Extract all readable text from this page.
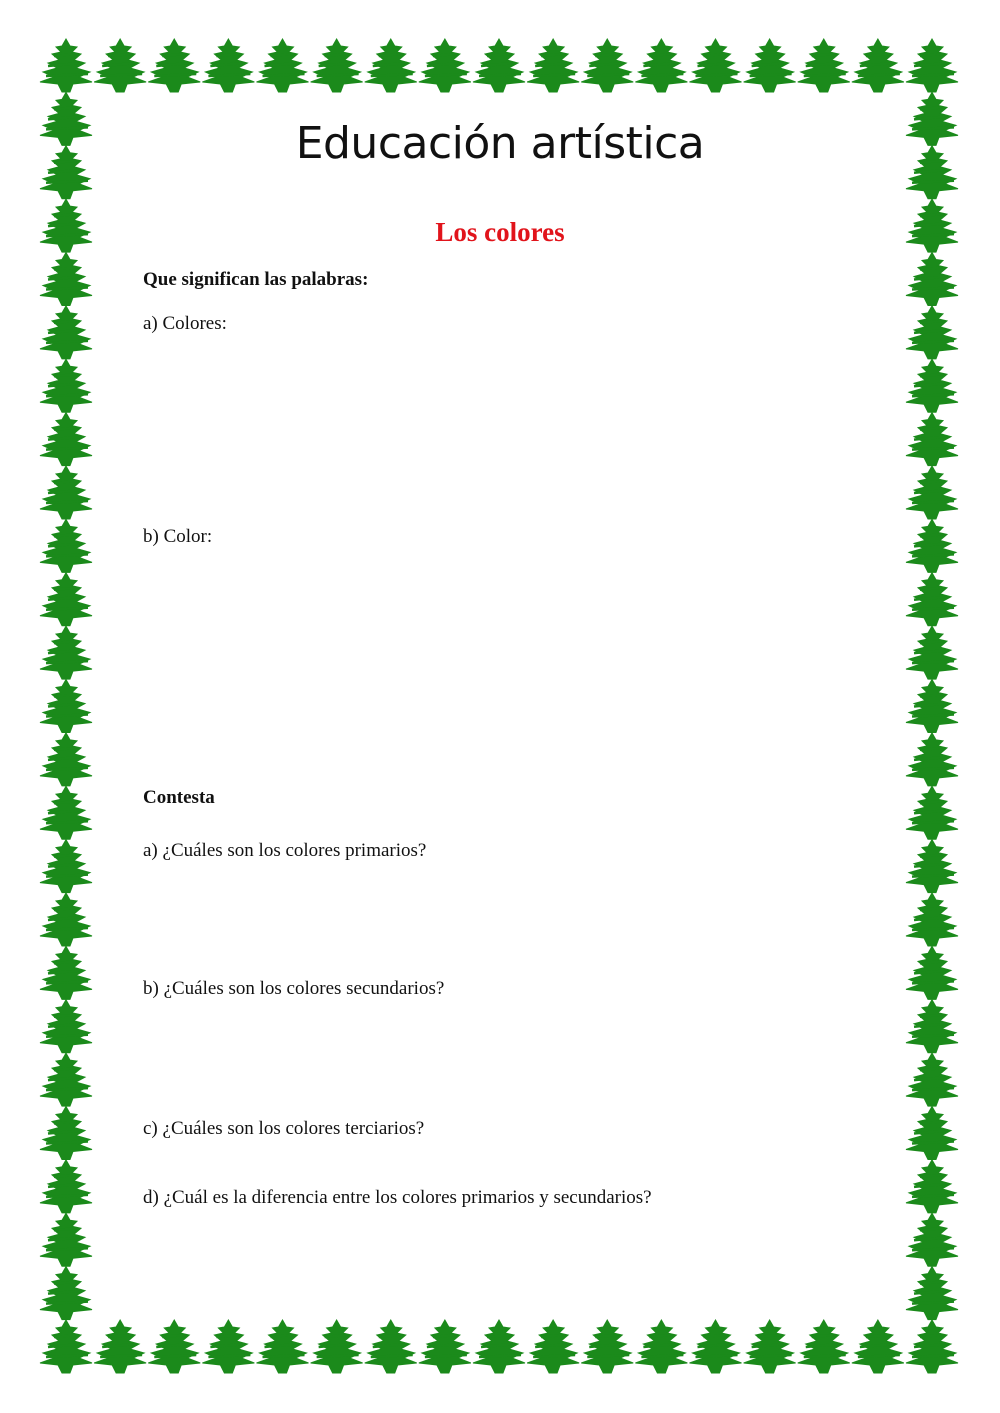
Educación artística
Los colores

Que significan las palabras:

a) Colores:

b) Color:

Contesta

a) ¿Cuáles son los colores primarios?

b) ¿Cuáles son los colores secundarios?

c) ¿Cuáles son los colores terciarios?

d) ¿Cuál es la diferencia entre los colores primarios y secundarios?
